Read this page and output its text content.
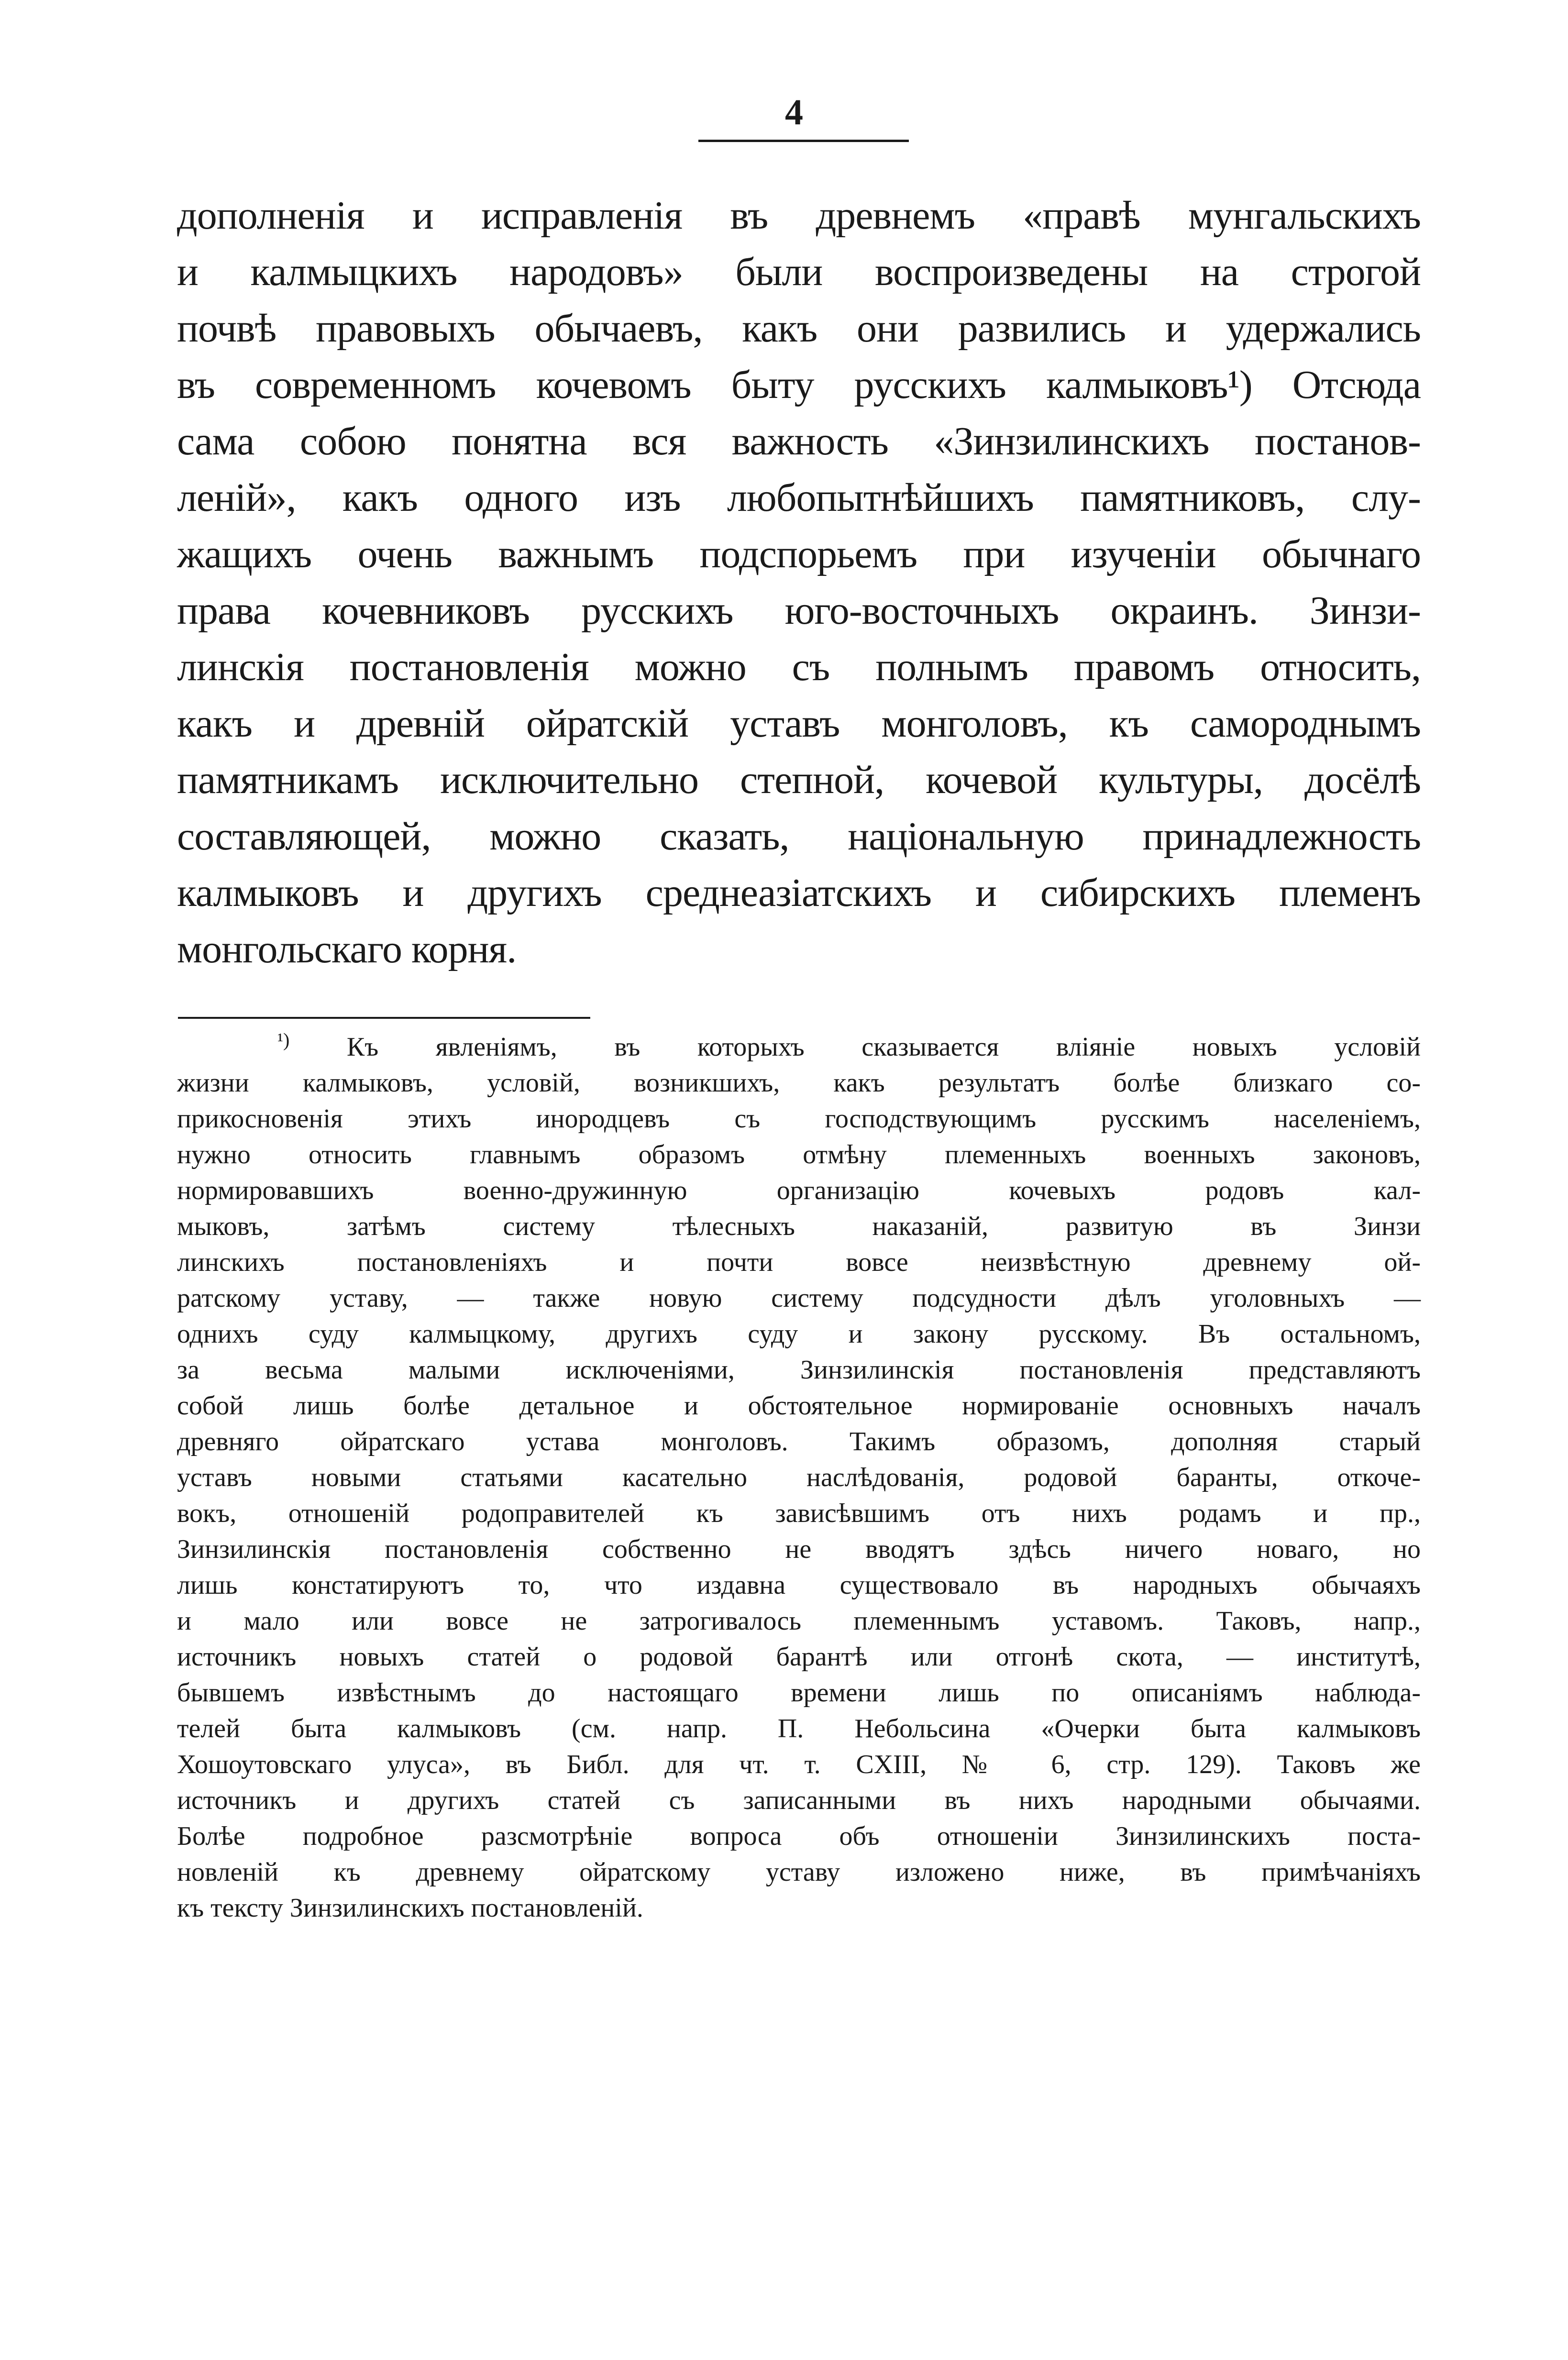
4
дополненія и исправленія въ древнемъ «правѣ мунгальскихъ
и калмыцкихъ народовъ» были воспроизведены на строгой
почвѣ правовыхъ обычаевъ, какъ они развились и удержались
въ современномъ кочевомъ быту русскихъ калмыковъ¹) Отсюда
сама собою понятна вся важность «Зинзилинскихъ постанов-
леній», какъ одного изъ любопытнѣйшихъ памятниковъ, слу-
жащихъ очень важнымъ подспорьемъ при изученіи обычнаго
права кочевниковъ русскихъ юго-восточныхъ окраинъ. Зинзи-
линскія постановленія можно съ полнымъ правомъ относить,
какъ и древній ойратскій уставъ монголовъ, къ самороднымъ
памятникамъ исключительно степной, кочевой культуры, досёлѣ
составляющей, можно сказать, національную принадлежность
калмыковъ и другихъ среднеазіатскихъ и сибирскихъ племенъ
монгольскаго корня.
$^{^1)}$ Къ явленіямъ, въ которыхъ сказывается вліяніе новыхъ условій
жизни калмыковъ, условій, возникшихъ, какъ результатъ болѣе близкаго со-
прикосновенія этихъ инородцевъ съ господствующимъ русскимъ населеніемъ,
нужно относить главнымъ образомъ отмѣну племенныхъ военныхъ законовъ,
нормировавшихъ военно-дружинную организацію кочевыхъ родовъ кал-
мыковъ, затѣмъ систему тѣлесныхъ наказаній, развитую въ Зинзи
линскихъ постановленіяхъ и почти вовсе неизвѣстную древнему ой-
ратскому уставу, — также новую систему подсудности дѣлъ уголовныхъ —
однихъ суду калмыцкому, другихъ суду и закону русскому. Въ остальномъ,
за весьма малыми исключеніями, Зинзилинскія постановленія представляютъ
собой лишь болѣе детальное и обстоятельное нормированіе основныхъ началъ
древняго ойратскаго устава монголовъ. Такимъ образомъ, дополняя старый
уставъ новыми статьями касательно наслѣдованія, родовой баранты, откоче-
вокъ, отношеній родоправителей къ зависѣвшимъ отъ нихъ родамъ и пр.,
Зинзилинскія постановленія собственно не вводятъ здѣсь ничего новаго, но
лишь констатируютъ то, что издавна существовало въ народныхъ обычаяхъ
и мало или вовсе не затрогивалось племеннымъ уставомъ. Таковъ, напр.,
источникъ новыхъ статей о родовой барантѣ или отгонѣ скота, — институтѣ,
бывшемъ извѣстнымъ до настоящаго времени лишь по описаніямъ наблюда-
телей быта калмыковъ (см. напр. П. Небольсина «Очерки быта калмыковъ
Хошоутовскаго улуса», въ Библ. для чт. т. CXIII, № 6, стр. 129). Таковъ же
источникъ и другихъ статей съ записанными въ нихъ народными обычаями.
Болѣе подробное разсмотрѣніе вопроса объ отношеніи Зинзилинскихъ поста-
новленій къ древнему ойратскому уставу изложено ниже, въ примѣчаніяхъ
къ тексту Зинзилинскихъ постановленій.
